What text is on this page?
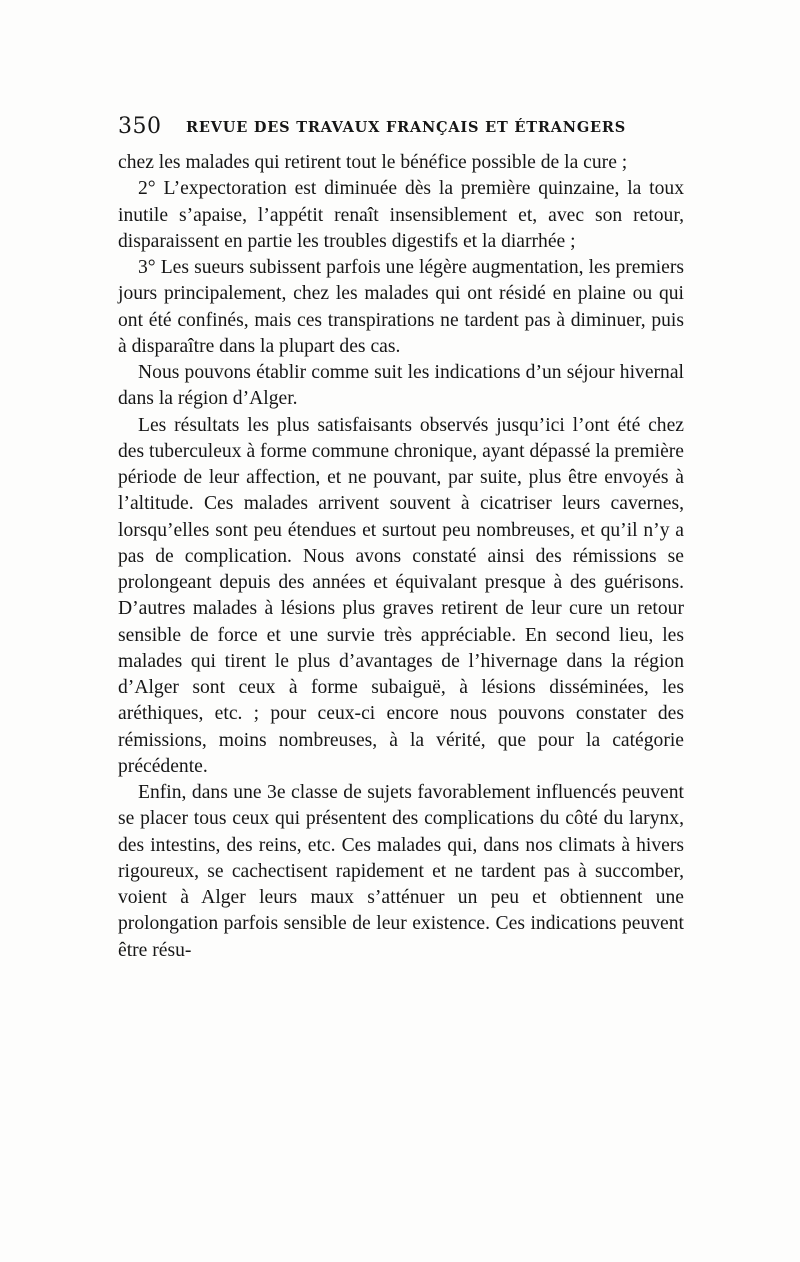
350 REVUE DES TRAVAUX FRANÇAIS ET ÉTRANGERS

chez les malades qui retirent tout le bénéfice possible de la cure ;

2° L’expectoration est diminuée dès la première quinzaine, la toux inutile s’apaise, l’appétit renaît insensiblement et, avec son retour, disparaissent en partie les troubles digestifs et la diarrhée ;

3° Les sueurs subissent parfois une légère augmentation, les premiers jours principalement, chez les malades qui ont résidé en plaine ou qui ont été confinés, mais ces transpirations ne tardent pas à diminuer, puis à disparaître dans la plupart des cas.

Nous pouvons établir comme suit les indications d’un séjour hivernal dans la région d’Alger.

Les résultats les plus satisfaisants observés jusqu’ici l’ont été chez des tuberculeux à forme commune chronique, ayant dépassé la première période de leur affection, et ne pouvant, par suite, plus être envoyés à l’altitude. Ces malades arrivent souvent à cicatriser leurs cavernes, lorsqu’elles sont peu étendues et surtout peu nombreuses, et qu’il n’y a pas de complication. Nous avons constaté ainsi des rémissions se prolongeant depuis des années et équivalant presque à des guérisons. D’autres malades à lésions plus graves retirent de leur cure un retour sensible de force et une survie très appréciable. En second lieu, les malades qui tirent le plus d’avantages de l’hivernage dans la région d’Alger sont ceux à forme subaiguë, à lésions disséminées, les aréthiques, etc. ; pour ceux-ci encore nous pouvons constater des rémissions, moins nombreuses, à la vérité, que pour la catégorie précédente.

Enfin, dans une 3e classe de sujets favorablement influencés peuvent se placer tous ceux qui présentent des complications du côté du larynx, des intestins, des reins, etc. Ces malades qui, dans nos climats à hivers rigoureux, se cachectisent rapidement et ne tardent pas à succomber, voient à Alger leurs maux s’atténuer un peu et obtiennent une prolongation parfois sensible de leur existence. Ces indications peuvent être résu-
